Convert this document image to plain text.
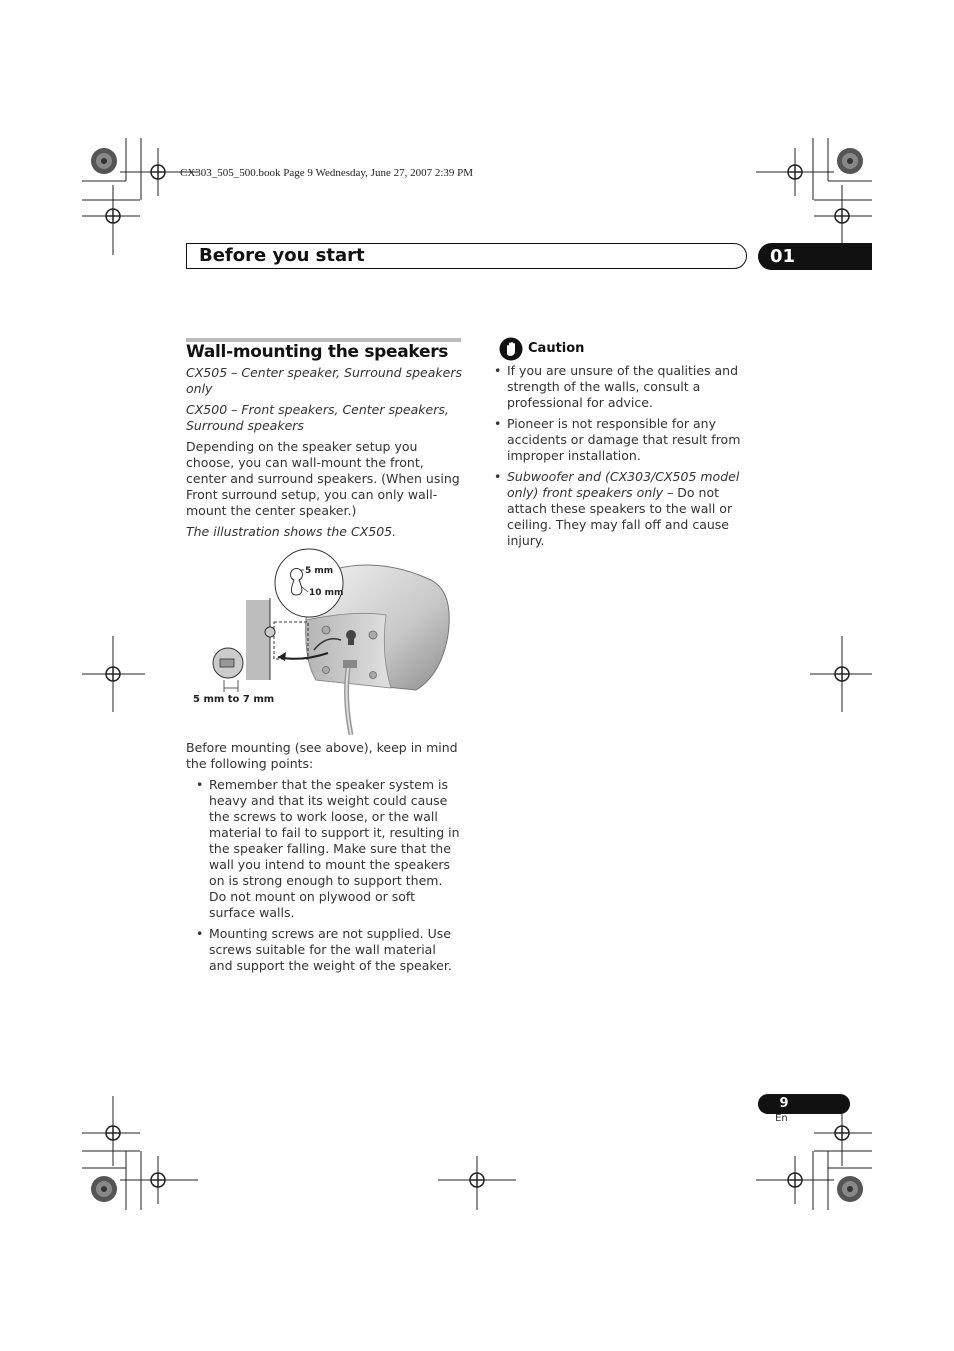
CX303_505_500.book Page 9 Wednesday, June 27, 2007 2:39 PM
Before you start	01
Wall-mounting the speakers

CX505 – Center speaker, Surround speakers only

CX500 – Front speakers, Center speakers, Surround speakers

Depending on the speaker setup you choose, you can wall-mount the front, center and surround speakers. (When using Front surround setup, you can only wall-mount the center speaker.)

The illustration shows the CX505.

5 mm
10 mm
5 mm to 7 mm

Before mounting (see above), keep in mind the following points:

• Remember that the speaker system is heavy and that its weight could cause the screws to work loose, or the wall material to fail to support it, resulting in the speaker falling. Make sure that the wall you intend to mount the speakers on is strong enough to support them. Do not mount on plywood or soft surface walls.
• Mounting screws are not supplied. Use screws suitable for the wall material and support the weight of the speaker.
Caution
• If you are unsure of the qualities and strength of the walls, consult a professional for advice.
• Pioneer is not responsible for any accidents or damage that result from improper installation.
• Subwoofer and (CX303/CX505 model only) front speakers only – Do not attach these speakers to the wall or ceiling. They may fall off and cause injury.
9
En
